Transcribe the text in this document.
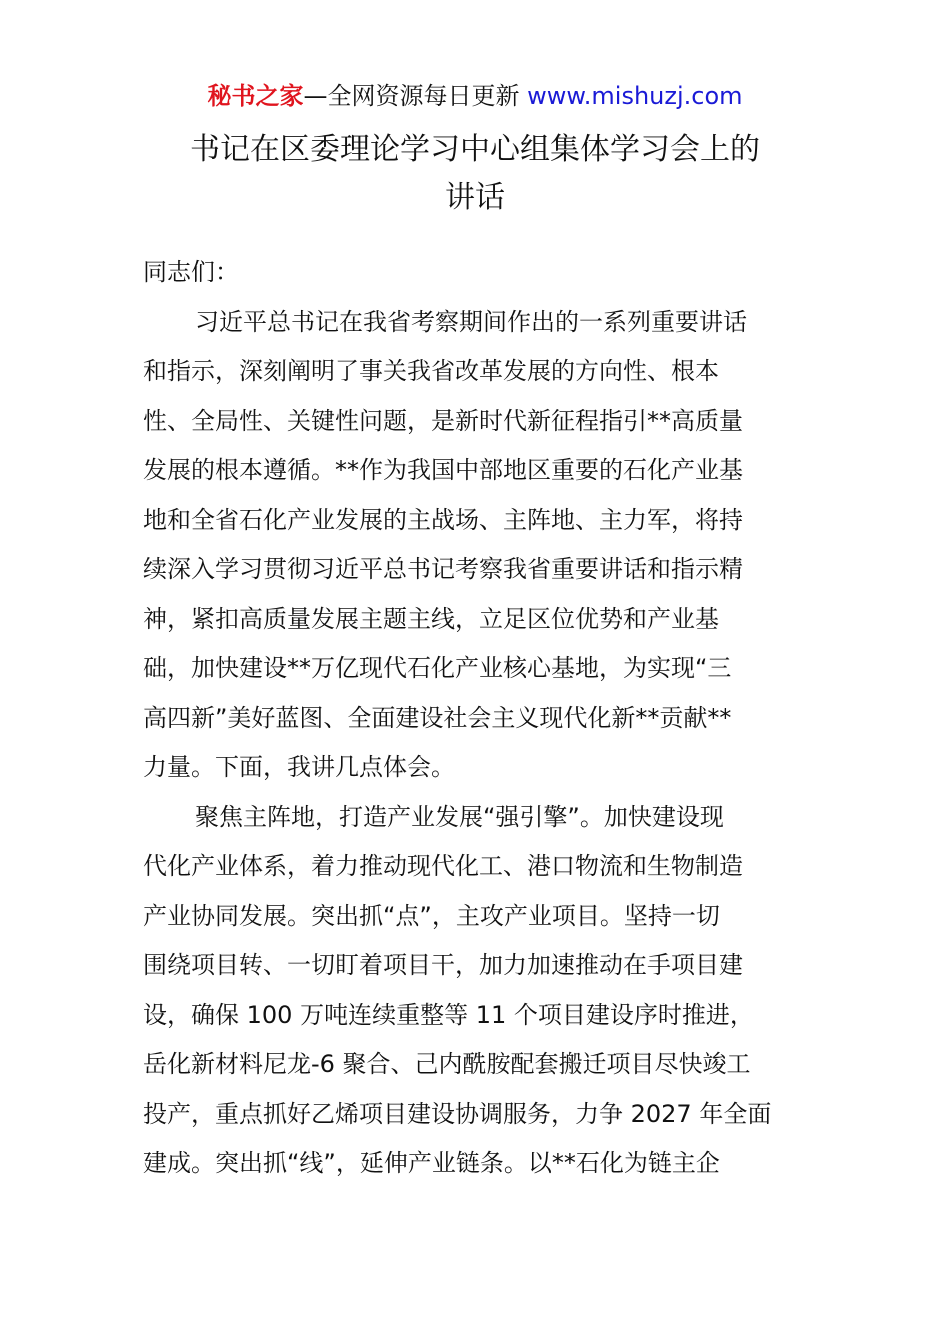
秘书之家—全网资源每日更新 www.mishuzj.com
书记在区委理论学习中心组集体学习会上的
讲话
同志们：
习近平总书记在我省考察期间作出的一系列重要讲话
和指示，深刻阐明了事关我省改革发展的方向性、根本
性、全局性、关键性问题，是新时代新征程指引**高质量
发展的根本遵循。**作为我国中部地区重要的石化产业基
地和全省石化产业发展的主战场、主阵地、主力军，将持
续深入学习贯彻习近平总书记考察我省重要讲话和指示精
神，紧扣高质量发展主题主线，立足区位优势和产业基
础，加快建设**万亿现代石化产业核心基地，为实现“三
高四新”美好蓝图、全面建设社会主义现代化新**贡献**
力量。下面，我讲几点体会。
聚焦主阵地，打造产业发展“强引擎”。加快建设现
代化产业体系，着力推动现代化工、港口物流和生物制造
产业协同发展。突出抓“点”，主攻产业项目。坚持一切
围绕项目转、一切盯着项目干，加力加速推动在手项目建
设，确保 100 万吨连续重整等 11 个项目建设序时推进，
岳化新材料尼龙-6 聚合、己内酰胺配套搬迁项目尽快竣工
投产，重点抓好乙烯项目建设协调服务，力争 2027 年全面
建成。突出抓“线”，延伸产业链条。以**石化为链主企
